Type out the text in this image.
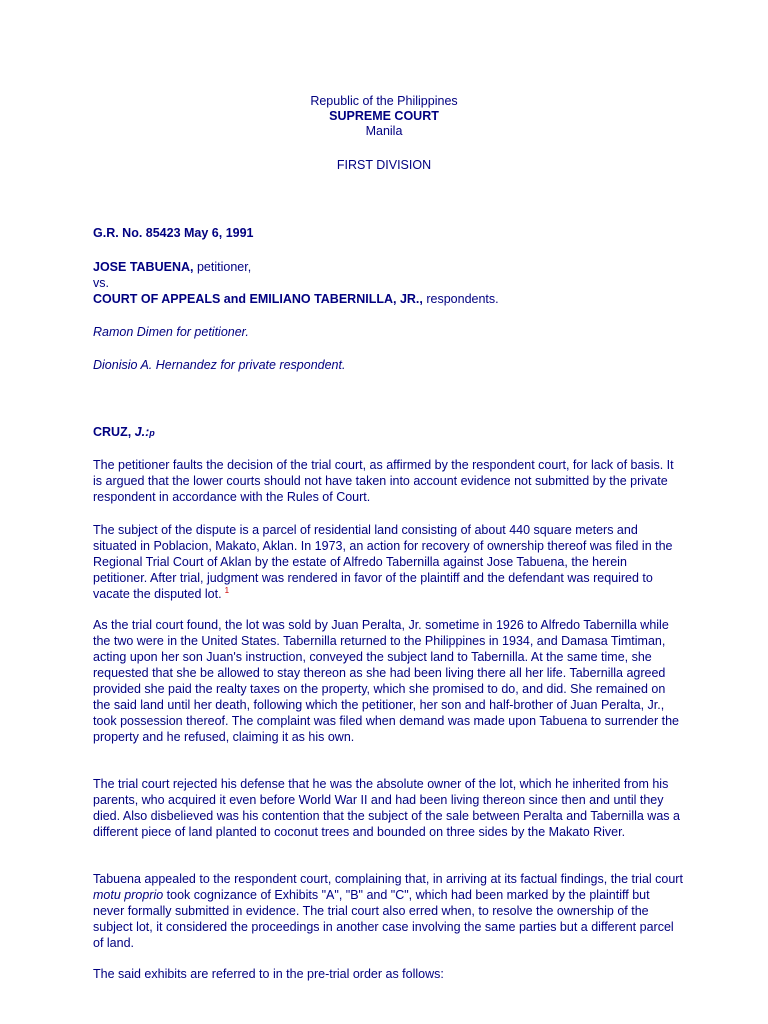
Republic of the Philippines
SUPREME COURT
Manila
FIRST DIVISION
G.R. No. 85423 May 6, 1991
JOSE TABUENA, petitioner,
vs.
COURT OF APPEALS and EMILIANO TABERNILLA, JR., respondents.
Ramon Dimen for petitioner.
Dionisio A. Hernandez for private respondent.
CRUZ, J.:p
The petitioner faults the decision of the trial court, as affirmed by the respondent court, for lack of basis. It is argued that the lower courts should not have taken into account evidence not submitted by the private respondent in accordance with the Rules of Court.
The subject of the dispute is a parcel of residential land consisting of about 440 square meters and situated in Poblacion, Makato, Aklan. In 1973, an action for recovery of ownership thereof was filed in the Regional Trial Court of Aklan by the estate of Alfredo Tabernilla against Jose Tabuena, the herein petitioner. After trial, judgment was rendered in favor of the plaintiff and the defendant was required to vacate the disputed lot. $^1$
As the trial court found, the lot was sold by Juan Peralta, Jr. sometime in 1926 to Alfredo Tabernilla while the two were in the United States. Tabernilla returned to the Philippines in 1934, and Damasa Timtiman, acting upon her son Juan's instruction, conveyed the subject land to Tabernilla. At the same time, she requested that she be allowed to stay thereon as she had been living there all her life. Tabernilla agreed provided she paid the realty taxes on the property, which she promised to do, and did. She remained on the said land until her death, following which the petitioner, her son and half-brother of Juan Peralta, Jr., took possession thereof. The complaint was filed when demand was made upon Tabuena to surrender the property and he refused, claiming it as his own.
The trial court rejected his defense that he was the absolute owner of the lot, which he inherited from his parents, who acquired it even before World War II and had been living thereon since then and until they died. Also disbelieved was his contention that the subject of the sale between Peralta and Tabernilla was a different piece of land planted to coconut trees and bounded on three sides by the Makato River.
Tabuena appealed to the respondent court, complaining that, in arriving at its factual findings, the trial court motu proprio took cognizance of Exhibits "A", "B" and "C", which had been marked by the plaintiff but never formally submitted in evidence. The trial court also erred when, to resolve the ownership of the subject lot, it considered the proceedings in another case involving the same parties but a different parcel of land.
The said exhibits are referred to in the pre-trial order as follows:
